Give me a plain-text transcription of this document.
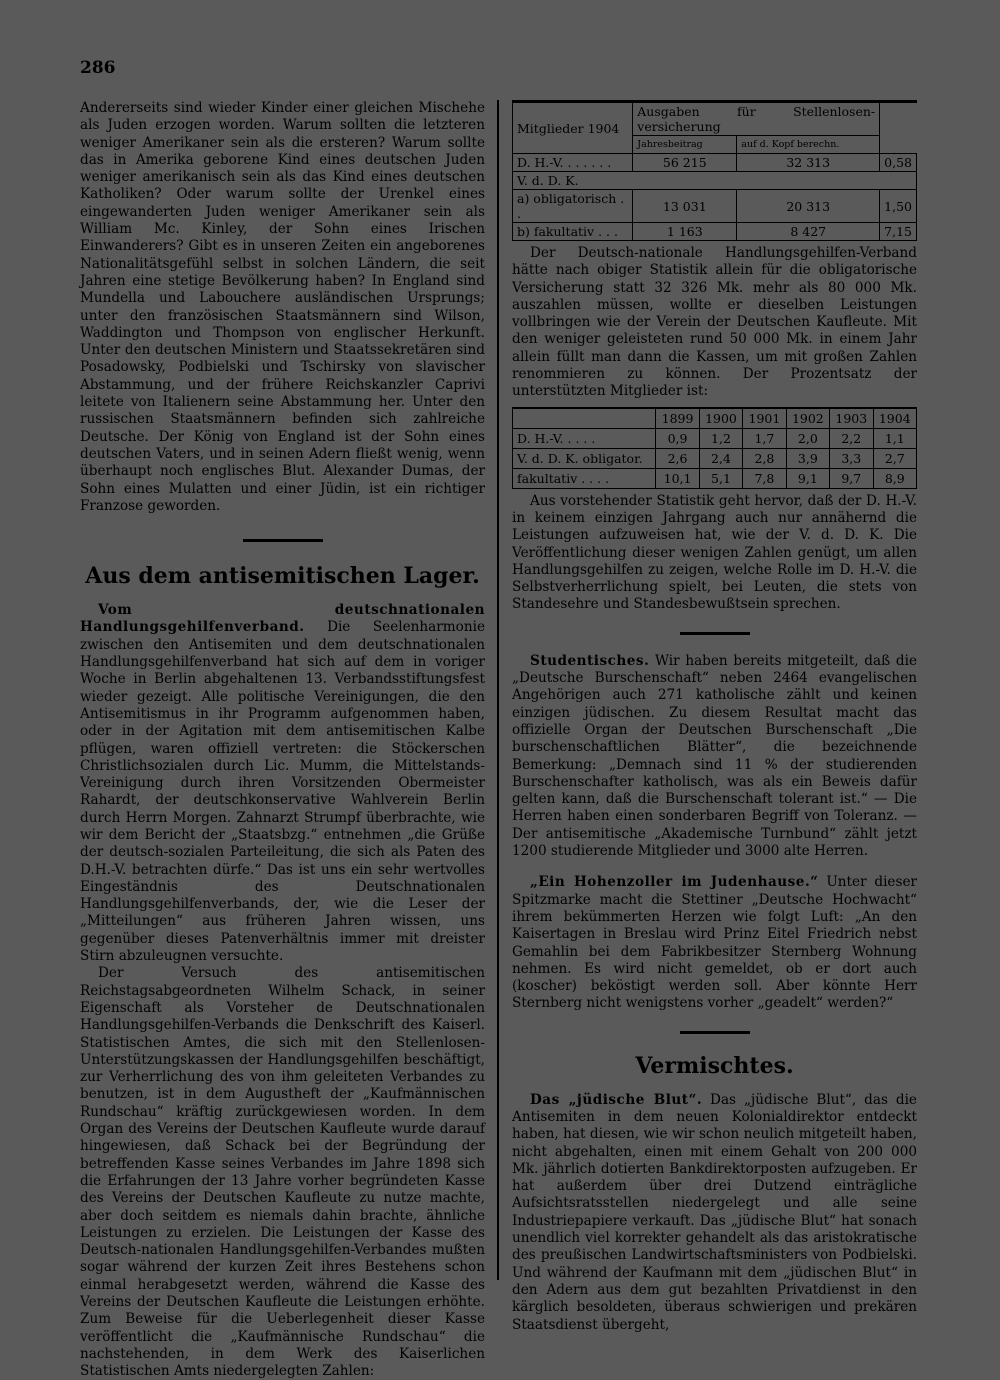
286

Andererseits sind wieder Kinder einer gleichen Mischehe als Juden erzogen worden. Warum sollten die letzteren weniger Amerikaner sein als die ersteren? Warum sollte das in Amerika geborene Kind eines deutschen Juden weniger amerikanisch sein als das Kind eines deutschen Katholiken? Oder warum sollte der Urenkel eines eingewanderten Juden weniger Amerikaner sein als William Mc. Kinley, der Sohn eines Irischen Einwanderers? Gibt es in unseren Zeiten ein angeborenes Nationalitätsgefühl selbst in solchen Ländern, die seit Jahren eine stetige Bevölkerung haben? In England sind Mundella und Labouchere ausländischen Ursprungs; unter den französischen Staatsmännern sind Wilson, Waddington und Thompson von englischer Herkunft. Unter den deutschen Ministern und Staatssekretären sind Posadowsky, Podbielski und Tschirsky von slavischer Abstammung, und der frühere Reichskanzler Caprivi leitete von Italienern seine Abstammung her. Unter den russischen Staatsmännern befinden sich zahlreiche Deutsche. Der König von England ist der Sohn eines deutschen Vaters, und in seinen Adern fließt wenig, wenn überhaupt noch englisches Blut. Alexander Dumas, der Sohn eines Mulatten und einer Jüdin, ist ein richtiger Franzose geworden.

Aus dem antisemitischen Lager.

Vom deutschnationalen Handlungsgehilfenverband. Die Seelenharmonie zwischen den Antisemiten und dem deutschnationalen Handlungsgehilfenverband hat sich auf dem in voriger Woche in Berlin abgehaltenen 13. Verbandsstiftungsfest wieder gezeigt. Alle politische Vereinigungen, die den Antisemitismus in ihr Programm aufgenommen haben, oder in der Agitation mit dem antisemitischen Kalbe pflügen, waren offiziell vertreten: die Stöckerschen Christlichsozialen durch Lic. Mumm, die Mittelstands-Vereinigung durch ihren Vorsitzenden Obermeister Rahardt, der deutschkonservative Wahlverein Berlin durch Herrn Morgen. Zahnarzt Strumpf überbrachte, wie wir dem Bericht der „Staatsbzg.“ entnehmen „die Grüße der deutsch-sozialen Parteileitung, die sich als Paten des D.H.-V. betrachten dürfe.“ Das ist uns ein sehr wertvolles Eingeständnis des Deutschnationalen Handlungsgehilfenverbands, der, wie die Leser der „Mitteilungen“ aus früheren Jahren wissen, uns gegenüber dieses Patenverhältnis immer mit dreister Stirn abzuleugnen versuchte.

Der Versuch des antisemitischen Reichstagsabgeordneten Wilhelm Schack, in seiner Eigenschaft als Vorsteher de Deutschnationalen Handlungsgehilfen-Verbands die Denkschrift des Kaiserl. Statistischen Amtes, die sich mit den Stellenlosen-Unterstützungskassen der Handlungsgehilfen beschäftigt, zur Verherrlichung des von ihm geleiteten Verbandes zu benutzen, ist in dem Augustheft der „Kaufmännischen Rundschau“ kräftig zurückgewiesen worden. In dem Organ des Vereins der Deutschen Kaufleute wurde darauf hingewiesen, daß Schack bei der Begründung der betreffenden Kasse seines Verbandes im Jahre 1898 sich die Erfahrungen der 13 Jahre vorher begründeten Kasse des Vereins der Deutschen Kaufleute zu nutze machte, aber doch seitdem es niemals dahin brachte, ähnliche Leistungen zu erzielen. Die Leistungen der Kasse des Deutsch-nationalen Handlungsgehilfen-Verbandes mußten sogar während der kurzen Zeit ihres Bestehens schon einmal herabgesetzt werden, während die Kasse des Vereins der Deutschen Kaufleute die Leistungen erhöhte. Zum Beweise für die Ueberlegenheit dieser Kasse veröffentlicht die „Kaufmännische Rundschau“ die nachstehenden, in dem Werk des Kaiserlichen Statistischen Amts niedergelegten Zahlen:

Mitglieder 1904	Ausgaben für Stellenlosen-versicherung		
	Jahresbeitrag	auf d. Kopf berechn.	
D. H.-V. . . . . . .	56 215	32 313	0,58
V. d. D. K.			
a) obligatorisch . .	13 031	20 313	1,50
b) fakultativ . . .	1 163	8 427	7,15

Der Deutsch-nationale Handlungsgehilfen-Verband hätte nach obiger Statistik allein für die obligatorische Versicherung statt 32 326 Mk. mehr als 80 000 Mk. auszahlen müssen, wollte er dieselben Leistungen vollbringen wie der Verein der Deutschen Kaufleute. Mit den weniger geleisteten rund 50 000 Mk. in einem Jahr allein füllt man dann die Kassen, um mit großen Zahlen renommieren zu können. Der Prozentsatz der unterstützten Mitglieder ist:

	1899	1900	1901	1902	1903	1904
D. H.-V. . . . .	0,9	1,2	1,7	2,0	2,2	1,1
V. d. D. K. obligator.	2,6	2,4	2,8	3,9	3,3	2,7
fakultativ . . . .	10,1	5,1	7,8	9,1	9,7	8,9

Aus vorstehender Statistik geht hervor, daß der D. H.-V. in keinem einzigen Jahrgang auch nur annähernd die Leistungen aufzuweisen hat, wie der V. d. D. K. Die Veröffentlichung dieser wenigen Zahlen genügt, um allen Handlungsgehilfen zu zeigen, welche Rolle im D. H.-V. die Selbstverherrlichung spielt, bei Leuten, die stets von Standesehre und Standesbewußtsein sprechen.

Studentisches. Wir haben bereits mitgeteilt, daß die „Deutsche Burschenschaft“ neben 2464 evangelischen Angehörigen auch 271 katholische zählt und keinen einzigen jüdischen. Zu diesem Resultat macht das offizielle Organ der Deutschen Burschenschaft „Die burschenschaftlichen Blätter“, die bezeichnende Bemerkung: „Demnach sind 11 % der studierenden Burschenschafter katholisch, was als ein Beweis dafür gelten kann, daß die Burschenschaft tolerant ist.“ — Die Herren haben einen sonderbaren Begriff von Toleranz. — Der antisemitische „Akademische Turnbund“ zählt jetzt 1200 studierende Mitglieder und 3000 alte Herren.

„Ein Hohenzoller im Judenhause.“ Unter dieser Spitzmarke macht die Stettiner „Deutsche Hochwacht“ ihrem bekümmerten Herzen wie folgt Luft: „An den Kaisertagen in Breslau wird Prinz Eitel Friedrich nebst Gemahlin bei dem Fabrikbesitzer Sternberg Wohnung nehmen. Es wird nicht gemeldet, ob er dort auch (koscher) beköstigt werden soll. Aber könnte Herr Sternberg nicht wenigstens vorher „geadelt“ werden?“

Vermischtes.

Das „jüdische Blut“. Das „jüdische Blut“, das die Antisemiten in dem neuen Kolonialdirektor entdeckt haben, hat diesen, wie wir schon neulich mitgeteilt haben, nicht abgehalten, einen mit einem Gehalt von 200 000 Mk. jährlich dotierten Bankdirektorposten aufzugeben. Er hat außerdem über drei Dutzend einträgliche Aufsichtsratsstellen niedergelegt und alle seine Industriepapiere verkauft. Das „jüdische Blut“ hat sonach unendlich viel korrekter gehandelt als das aristokratische des preußischen Landwirtschaftsministers von Podbielski. Und während der Kaufmann mit dem „jüdischen Blut“ in den Adern aus dem gut bezahlten Privatdienst in den kärglich besoldeten, überaus schwierigen und prekären Staatsdienst übergeht,
